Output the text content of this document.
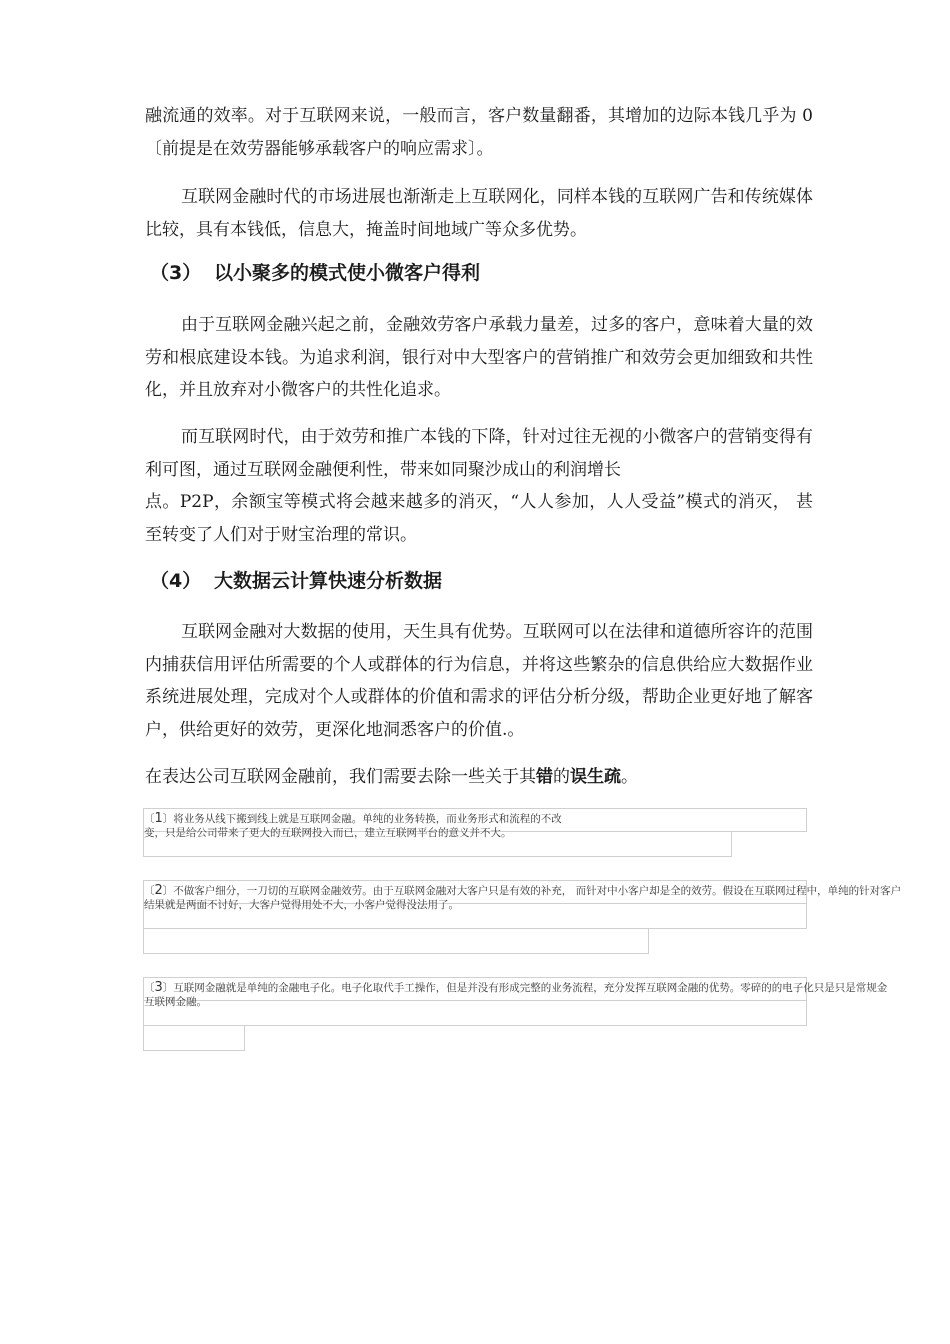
融流通的效率。对于互联网来说，一般而言，客户数量翻番，其增加的边际本钱几乎为 0〔前提是在效劳器能够承载客户的响应需求〕。

互联网金融时代的市场进展也渐渐走上互联网化，同样本钱的互联网广告和传统媒体比较，具有本钱低，信息大，掩盖时间地域广等众多优势。

（3） 以小聚多的模式使小微客户得利

由于互联网金融兴起之前，金融效劳客户承载力量差，过多的客户，意味着大量的效劳和根底建设本钱。为追求利润，银行对中大型客户的营销推广和效劳会更加细致和共性化，并且放弃对小微客户的共性化追求。

而互联网时代，由于效劳和推广本钱的下降，针对过往无视的小微客户的营销变得有利可图，通过互联网金融便利性，带来如同聚沙成山的利润增长

点。P2P，余额宝等模式将会越来越多的消灭，“人人参加，人人受益”模式的消灭， 甚至转变了人们对于财宝治理的常识。

（4） 大数据云计算快速分析数据

互联网金融对大数据的使用，天生具有优势。互联网可以在法律和道德所容许的范围内捕获信用评估所需要的个人或群体的行为信息，并将这些繁杂的信息供给应大数据作业系统进展处理，完成对个人或群体的价值和需求的评估分析分级，帮助企业更好地了解客户，供给更好的效劳，更深化地洞悉客户的价值.。

在表达公司互联网金融前，我们需要去除一些关于其错的误生疏。

〔1〕将业务从线下搬到线上就是互联网金融。单纯的业务转换，而业务形式和流程的不改
变，只是给公司带来了更大的互联网投入而已，建立互联网平台的意义并不大。
〔2〕不做客户细分，一刀切的互联网金融效劳。由于互联网金融对大客户只是有效的补充， 而针对中小客户却是全的效劳。假设在互联网过程中，单纯的针对客户
结果就是两面不讨好，大客户觉得用处不大，小客户觉得没法用了。
〔3〕互联网金融就是单纯的金融电子化。电子化取代手工操作，但是并没有形成完整的业务流程，充分发挥互联网金融的优势。零碎的的电子化只是只是常规金
互联网金融。
